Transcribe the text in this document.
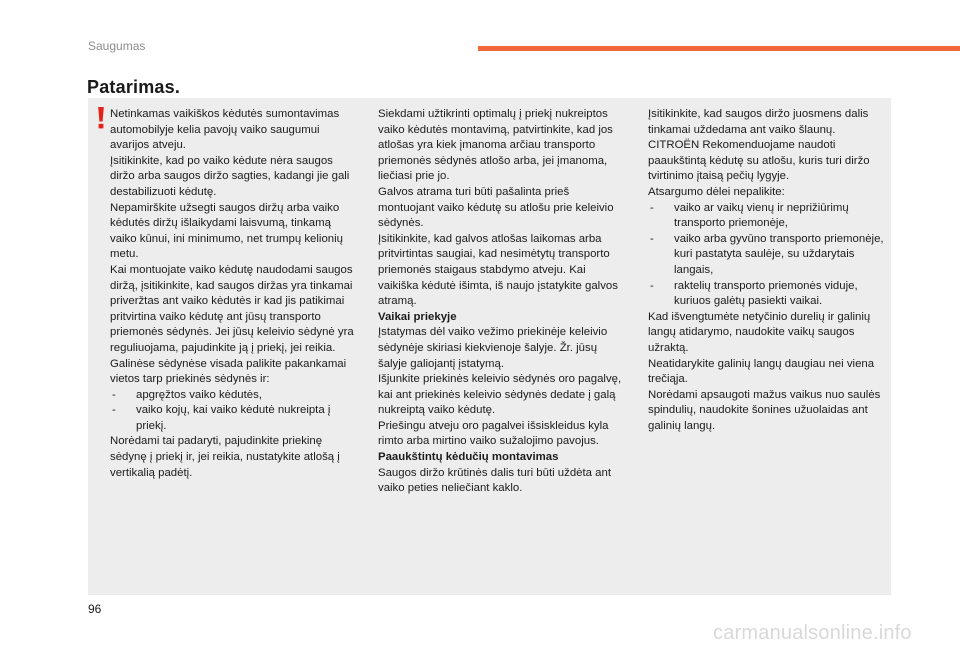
Saugumas
Patarimas.

Netinkamas vaikiškos kėdutės sumontavimas automobilyje kelia pavojų vaiko saugumui avarijos atveju.

Įsitikinkite, kad po vaiko kėdute nėra saugos diržo arba saugos diržo sagties, kadangi jie gali destabilizuoti kėdutę.

Nepamirškite užsegti saugos diržų arba vaiko kėdutės diržų išlaikydami laisvumą, tinkamą vaiko kūnui, ini minimumo, net trumpų kelionių metu.

Kai montuojate vaiko kėdutę naudodami saugos diržą, įsitikinkite, kad saugos diržas yra tinkamai priveržtas ant vaiko kėdutės ir kad jis patikimai pritvirtina vaiko kėdutę ant jūsų transporto priemonės sėdynės. Jei jūsų keleivio sėdynė yra reguliuojama, pajudinkite ją į priekį, jei reikia.

Galinėse sėdynėse visada palikite pakankamai vietos tarp priekinės sėdynės ir:

- apgręžtos vaiko kėdutės,

- vaiko kojų, kai vaiko kėdutė nukreipta į priekį.

Norėdami tai padaryti, pajudinkite priekinę sėdynę į priekį ir, jei reikia, nustatykite atlošą į vertikalią padėtį.

Siekdami užtikrinti optimalų į priekį nukreiptos vaiko kėdutės montavimą, patvirtinkite, kad jos atlošas yra kiek įmanoma arčiau transporto priemonės sėdynės atlošo arba, jei įmanoma, liečiasi prie jo.

Galvos atrama turi būti pašalinta prieš montuojant vaiko kėdutę su atlošu prie keleivio sėdynės.

Įsitikinkite, kad galvos atlošas laikomas arba pritvirtintas saugiai, kad nesimėtytų transporto priemonės staigaus stabdymo atveju. Kai vaikiška kėdutė išimta, iš naujo įstatykite galvos atramą.

Vaikai priekyje

Įstatymas dėl vaiko vežimo priekinėje keleivio sėdynėje skiriasi kiekvienoje šalyje. Žr. jūsų šalyje galiojantį įstatymą.

Išjunkite priekinės keleivio sėdynės oro pagalvę, kai ant priekinės keleivio sėdynės dedate į galą nukreiptą vaiko kėdutę.

Priešingu atveju oro pagalvei išsiskleidus kyla rimto arba mirtino vaiko sužalojimo pavojus.

Paaukštintų kėdučių montavimas

Saugos diržo krūtinės dalis turi būti uždėta ant vaiko peties neliečiant kaklo.

Įsitikinkite, kad saugos diržo juosmens dalis tinkamai uždedama ant vaiko šlaunų.

CITROËN Rekomenduojame naudoti paaukštintą kėdutę su atlošu, kuris turi diržo tvirtinimo įtaisą pečių lygyje.

Atsargumo dėlei nepalikite:

- vaiko ar vaikų vienų ir neprižiūrimų transporto priemonėje,

- vaiko arba gyvūno transporto priemonėje, kuri pastatyta saulėje, su uždarytais langais,

- raktelių transporto priemonės viduje, kuriuos galėtų pasiekti vaikai.

Kad išvengtumėte netyčinio durelių ir galinių langų atidarymo, naudokite vaikų saugos užraktą.

Neatidarykite galinių langų daugiau nei viena trečiąja.

Norėdami apsaugoti mažus vaikus nuo saulės spindulių, naudokite šonines užuolaidas ant galinių langų.

96
carmanualsonline.info
